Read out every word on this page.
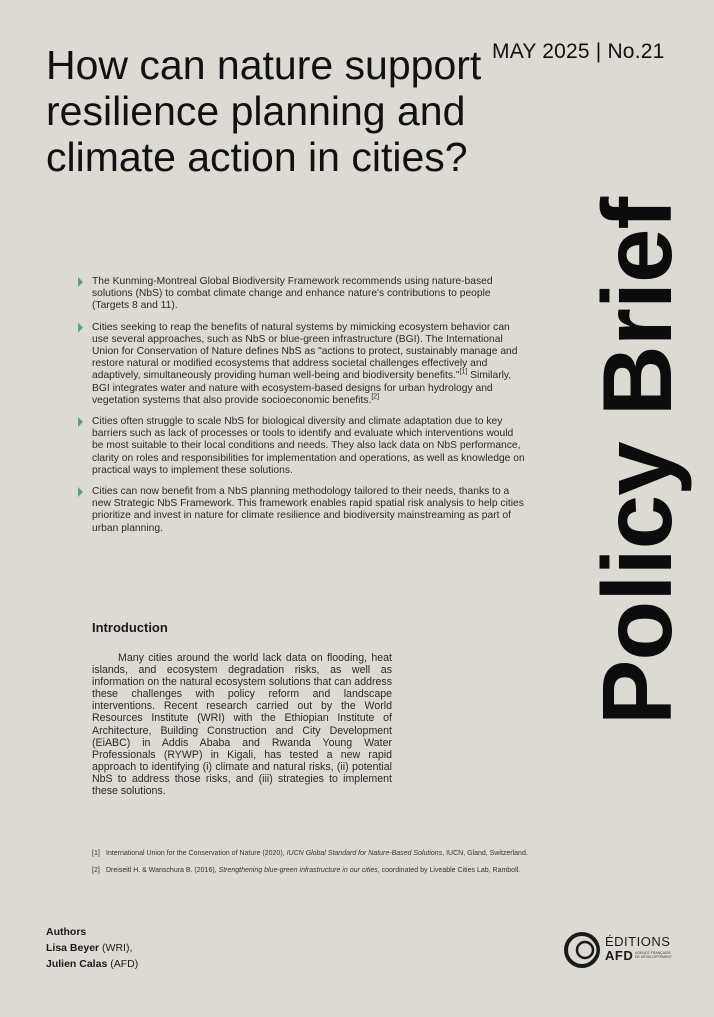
MAY 2025 | No.21
How can nature support resilience planning and climate action in cities?
Policy Brief
The Kunming-Montreal Global Biodiversity Framework recommends using nature-based solutions (NbS) to combat climate change and enhance nature's contributions to people (Targets 8 and 11).
Cities seeking to reap the benefits of natural systems by mimicking ecosystem behavior can use several approaches, such as NbS or blue-green infrastructure (BGI). The International Union for Conservation of Nature defines NbS as "actions to protect, sustainably manage and restore natural or modified ecosystems that address societal challenges effectively and adaptively, simultaneously providing human well-being and biodiversity benefits."[1] Similarly, BGI integrates water and nature with ecosystem-based designs for urban hydrology and vegetation systems that also provide socioeconomic benefits.[2]
Cities often struggle to scale NbS for biological diversity and climate adaptation due to key barriers such as lack of processes or tools to identify and evaluate which interventions would be most suitable to their local conditions and needs. They also lack data on NbS performance, clarity on roles and responsibilities for implementation and operations, as well as knowledge on practical ways to implement these solutions.
Cities can now benefit from a NbS planning methodology tailored to their needs, thanks to a new Strategic NbS Framework. This framework enables rapid spatial risk analysis to help cities prioritize and invest in nature for climate resilience and biodiversity mainstreaming as part of urban planning.
Introduction

Many cities around the world lack data on flooding, heat islands, and ecosystem degradation risks, as well as information on the natural ecosystem solutions that can address these challenges with policy reform and landscape interventions. Recent research carried out by the World Resources Institute (WRI) with the Ethiopian Institute of Architecture, Building Construction and City Development (EiABC) in Addis Ababa and Rwanda Young Water Professionals (RYWP) in Kigali, has tested a new rapid approach to identifying (i) climate and natural risks, (ii) potential NbS to address those risks, and (iii) strategies to implement these solutions.

[1] International Union for the Conservation of Nature (2020), IUCN Global Standard for Nature-Based Solutions, IUCN, Gland, Switzerland.
[2] Dreiseitl H. & Wanschura B. (2016), Strengthening blue-green infrastructure in our cities, coordinated by Liveable Cities Lab, Ramboll.
Authors
Lisa Beyer (WRI),
Julien Calas (AFD)
ÉDITIONS
AFD AGENCE FRANÇAISE DE DÉVELOPPEMENT
